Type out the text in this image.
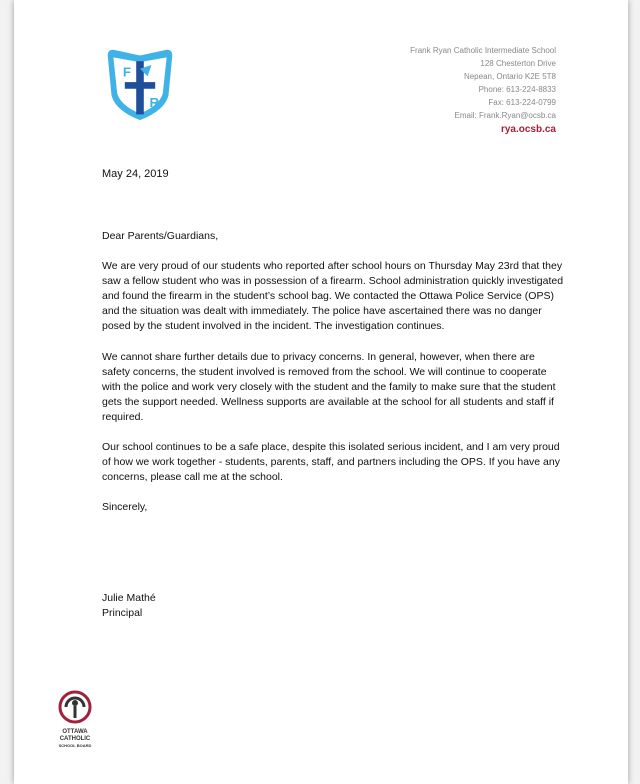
F
R
Frank Ryan Catholic Intermediate School
128 Chesterton Drive
Nepean, Ontario K2E 5T8
Phone: 613-224-8833
Fax: 613-224-0799
Email: Frank.Ryan@ocsb.ca
rya.ocsb.ca
May 24, 2019

Dear Parents/Guardians,

We are very proud of our students who reported after school hours on Thursday May 23rd that they saw a fellow student who was in possession of a firearm. School administration quickly investigated and found the firearm in the student’s school bag. We contacted the Ottawa Police Service (OPS) and the situation was dealt with immediately. The police have ascertained there was no danger posed by the student involved in the incident. The investigation continues.

We cannot share further details due to privacy concerns. In general, however, when there are safety concerns, the student involved is removed from the school. We will continue to cooperate with the police and work very closely with the student and the family to make sure that the student gets the support needed. Wellness supports are available at the school for all students and staff if required.

Our school continues to be a safe place, despite this isolated serious incident, and I am very proud of how we work together - students, parents, staff, and partners including the OPS. If you have any concerns, please call me at the school.

Sincerely,

Julie Mathé
Principal
OTTAWA
CATHOLIC
SCHOOL BOARD
